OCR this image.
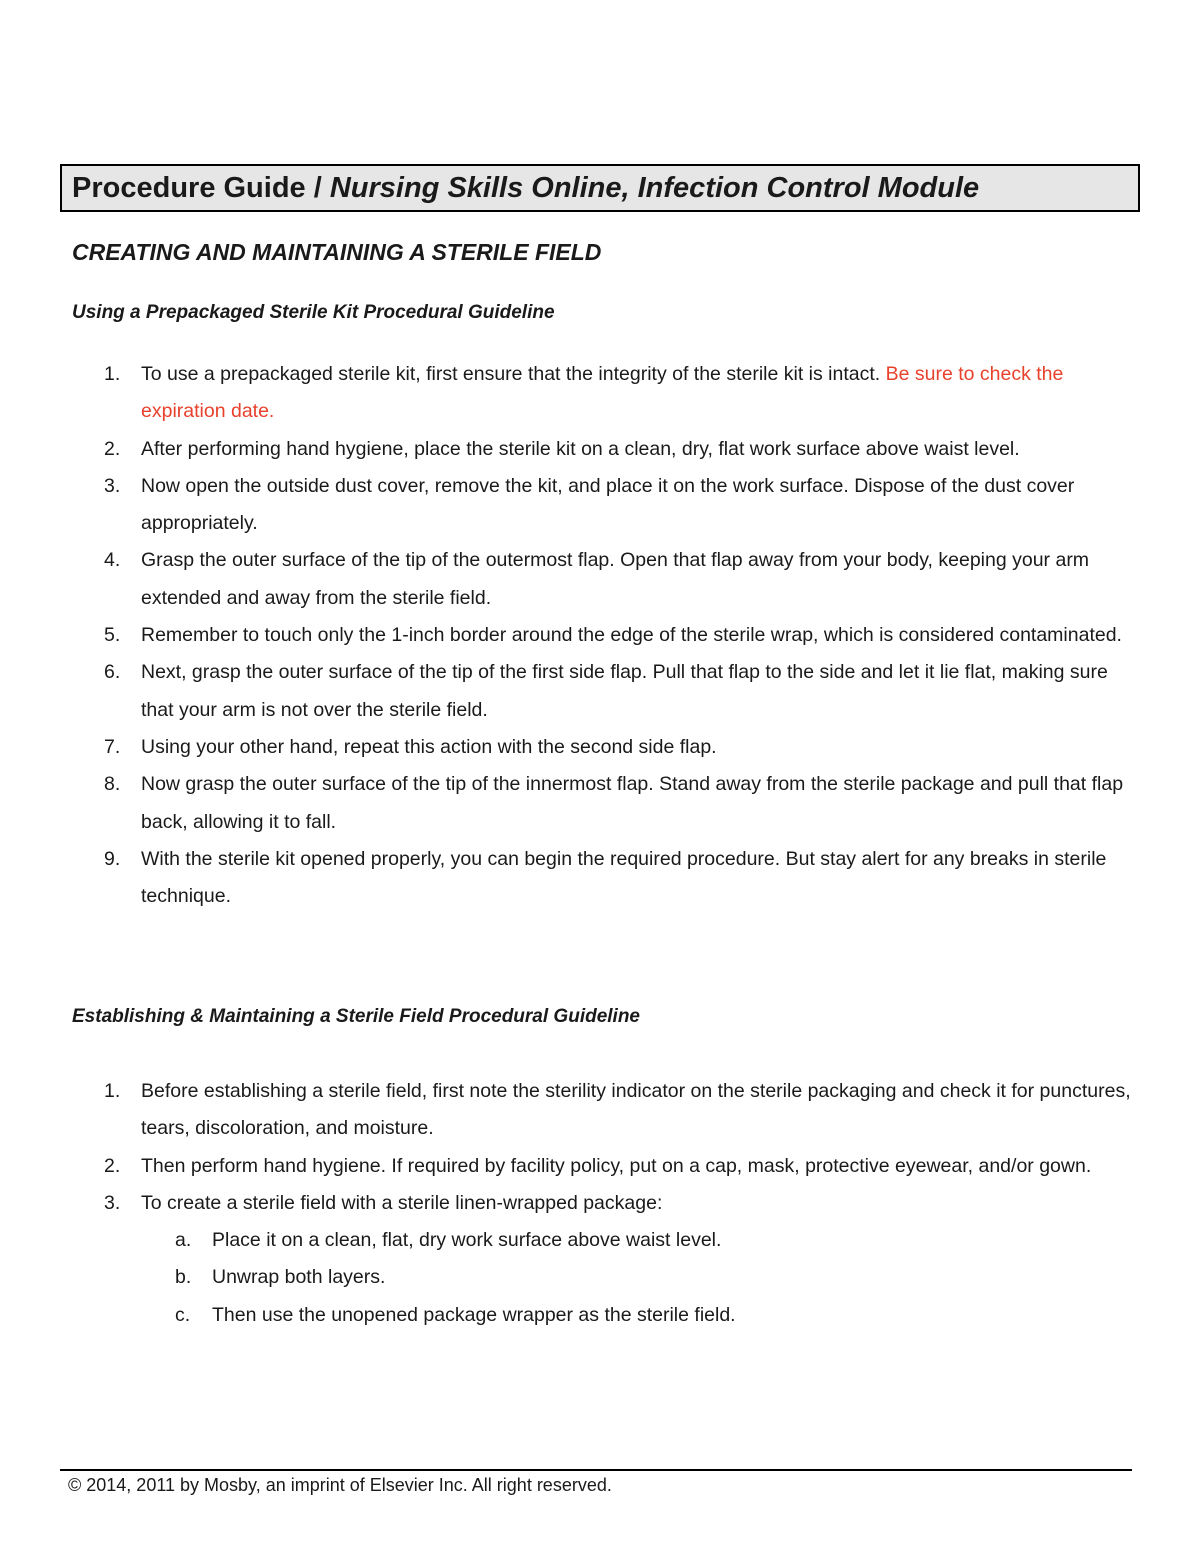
Procedure Guide / Nursing Skills Online, Infection Control Module
CREATING AND MAINTAINING A STERILE FIELD
Using a Prepackaged Sterile Kit Procedural Guideline
1. To use a prepackaged sterile kit, first ensure that the integrity of the sterile kit is intact. Be sure to check the expiration date.
2. After performing hand hygiene, place the sterile kit on a clean, dry, flat work surface above waist level.
3. Now open the outside dust cover, remove the kit, and place it on the work surface. Dispose of the dust cover appropriately.
4. Grasp the outer surface of the tip of the outermost flap. Open that flap away from your body, keeping your arm extended and away from the sterile field.
5. Remember to touch only the 1-inch border around the edge of the sterile wrap, which is considered contaminated.
6. Next, grasp the outer surface of the tip of the first side flap. Pull that flap to the side and let it lie flat, making sure that your arm is not over the sterile field.
7. Using your other hand, repeat this action with the second side flap.
8. Now grasp the outer surface of the tip of the innermost flap. Stand away from the sterile package and pull that flap back, allowing it to fall.
9. With the sterile kit opened properly, you can begin the required procedure. But stay alert for any breaks in sterile technique.
Establishing & Maintaining a Sterile Field Procedural Guideline
1. Before establishing a sterile field, first note the sterility indicator on the sterile packaging and check it for punctures, tears, discoloration, and moisture.
2. Then perform hand hygiene. If required by facility policy, put on a cap, mask, protective eyewear, and/or gown.
3. To create a sterile field with a sterile linen-wrapped package:
a. Place it on a clean, flat, dry work surface above waist level.
b. Unwrap both layers.
c. Then use the unopened package wrapper as the sterile field.
© 2014, 2011 by Mosby, an imprint of Elsevier Inc. All right reserved.
